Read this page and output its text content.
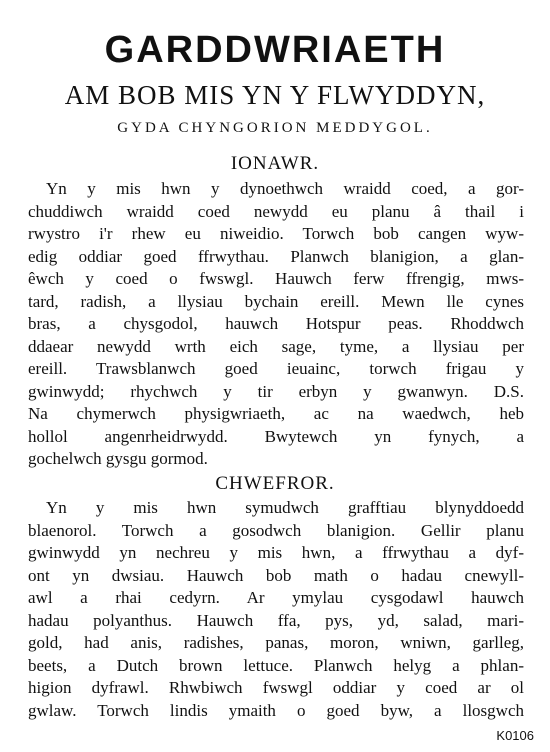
GARDDWRIAETH
AM BOB MIS YN Y FLWYDDYN,
GYDA CHYNGORION MEDDYGOL.
IONAWR.
Yn y mis hwn y dynoethwch wraidd coed, a gor-
chuddiwch wraidd coed newydd eu planu â thail i
rwystro i'r rhew eu niweidio. Torwch bob cangen wyw-
edig oddiar goed ffrwythau. Planwch blanigion, a glan-
êwch y coed o fwswgl. Hauwch ferw ffrengig, mws-
tard, radish, a llysiau bychain ereill. Mewn lle cynes
bras, a chysgodol, hauwch Hotspur peas. Rhoddwch
ddaear newydd wrth eich sage, tyme, a llysiau per
ereill. Trawsblanwch goed ieuainc, torwch frigau y
gwinwydd; rhychwch y tir erbyn y gwanwyn. D.S.
Na chymerwch physigwriaeth, ac na waedwch, heb
hollol angenrheidrwydd. Bwytewch yn fynych, a
gochelwch gysgu gormod.
CHWEFROR.
Yn y mis hwn symudwch grafftiau blynyddoedd
blaenorol. Torwch a gosodwch blanigion. Gellir planu
gwinwydd yn nechreu y mis hwn, a ffrwythau a dyf-
ont yn dwsiau. Hauwch bob math o hadau cnewyll-
awl a rhai cedyrn. Ar ymylau cysgodawl hauwch
hadau polyanthus. Hauwch ffa, pys, yd, salad, mari-
gold, had anis, radishes, panas, moron, wniwn, garlleg,
beets, a Dutch brown lettuce. Planwch helyg a phlan-
higion dyfrawl. Rhwbiwch fwswgl oddiar y coed ar ol
gwlaw. Torwch lindis ymaith o goed byw, a llosgwch
K0106
